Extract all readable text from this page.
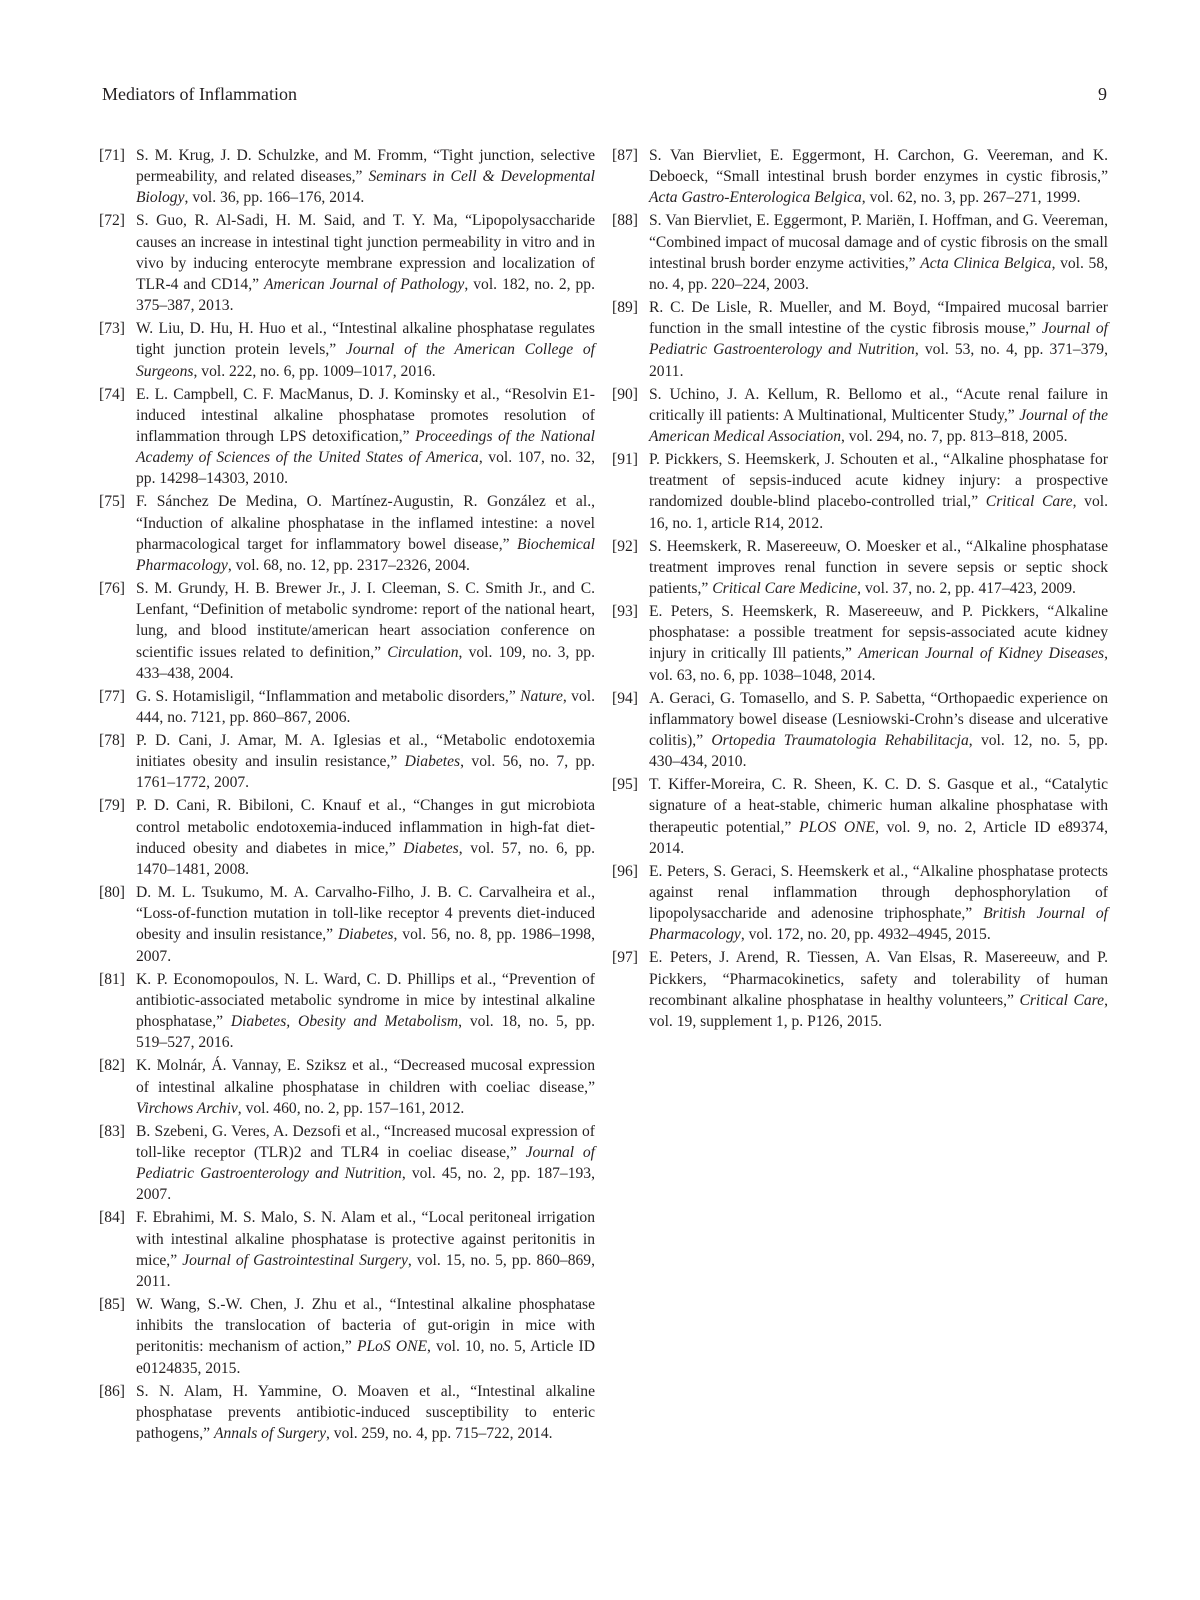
Mediators of Inflammation	9
[71] S. M. Krug, J. D. Schulzke, and M. Fromm, “Tight junction, selective permeability, and related diseases,” Seminars in Cell & Developmental Biology, vol. 36, pp. 166–176, 2014.
[72] S. Guo, R. Al-Sadi, H. M. Said, and T. Y. Ma, “Lipopolysaccharide causes an increase in intestinal tight junction permeability in vitro and in vivo by inducing enterocyte membrane expression and localization of TLR-4 and CD14,” American Journal of Pathology, vol. 182, no. 2, pp. 375–387, 2013.
[73] W. Liu, D. Hu, H. Huo et al., “Intestinal alkaline phosphatase regulates tight junction protein levels,” Journal of the American College of Surgeons, vol. 222, no. 6, pp. 1009–1017, 2016.
[74] E. L. Campbell, C. F. MacManus, D. J. Kominsky et al., “Resolvin E1-induced intestinal alkaline phosphatase promotes resolution of inflammation through LPS detoxification,” Proceedings of the National Academy of Sciences of the United States of America, vol. 107, no. 32, pp. 14298–14303, 2010.
[75] F. Sánchez De Medina, O. Martínez-Augustin, R. González et al., “Induction of alkaline phosphatase in the inflamed intestine: a novel pharmacological target for inflammatory bowel disease,” Biochemical Pharmacology, vol. 68, no. 12, pp. 2317–2326, 2004.
[76] S. M. Grundy, H. B. Brewer Jr., J. I. Cleeman, S. C. Smith Jr., and C. Lenfant, “Definition of metabolic syndrome: report of the national heart, lung, and blood institute/american heart association conference on scientific issues related to definition,” Circulation, vol. 109, no. 3, pp. 433–438, 2004.
[77] G. S. Hotamisligil, “Inflammation and metabolic disorders,” Nature, vol. 444, no. 7121, pp. 860–867, 2006.
[78] P. D. Cani, J. Amar, M. A. Iglesias et al., “Metabolic endotoxemia initiates obesity and insulin resistance,” Diabetes, vol. 56, no. 7, pp. 1761–1772, 2007.
[79] P. D. Cani, R. Bibiloni, C. Knauf et al., “Changes in gut microbiota control metabolic endotoxemia-induced inflammation in high-fat diet-induced obesity and diabetes in mice,” Diabetes, vol. 57, no. 6, pp. 1470–1481, 2008.
[80] D. M. L. Tsukumo, M. A. Carvalho-Filho, J. B. C. Carvalheira et al., “Loss-of-function mutation in toll-like receptor 4 prevents diet-induced obesity and insulin resistance,” Diabetes, vol. 56, no. 8, pp. 1986–1998, 2007.
[81] K. P. Economopoulos, N. L. Ward, C. D. Phillips et al., “Prevention of antibiotic-associated metabolic syndrome in mice by intestinal alkaline phosphatase,” Diabetes, Obesity and Metabolism, vol. 18, no. 5, pp. 519–527, 2016.
[82] K. Molnár, Á. Vannay, E. Sziksz et al., “Decreased mucosal expression of intestinal alkaline phosphatase in children with coeliac disease,” Virchows Archiv, vol. 460, no. 2, pp. 157–161, 2012.
[83] B. Szebeni, G. Veres, A. Dezsofi et al., “Increased mucosal expression of toll-like receptor (TLR)2 and TLR4 in coeliac disease,” Journal of Pediatric Gastroenterology and Nutrition, vol. 45, no. 2, pp. 187–193, 2007.
[84] F. Ebrahimi, M. S. Malo, S. N. Alam et al., “Local peritoneal irrigation with intestinal alkaline phosphatase is protective against peritonitis in mice,” Journal of Gastrointestinal Surgery, vol. 15, no. 5, pp. 860–869, 2011.
[85] W. Wang, S.-W. Chen, J. Zhu et al., “Intestinal alkaline phosphatase inhibits the translocation of bacteria of gut-origin in mice with peritonitis: mechanism of action,” PLoS ONE, vol. 10, no. 5, Article ID e0124835, 2015.
[86] S. N. Alam, H. Yammine, O. Moaven et al., “Intestinal alkaline phosphatase prevents antibiotic-induced susceptibility to enteric pathogens,” Annals of Surgery, vol. 259, no. 4, pp. 715–722, 2014.
[87] S. Van Biervliet, E. Eggermont, H. Carchon, G. Veereman, and K. Deboeck, “Small intestinal brush border enzymes in cystic fibrosis,” Acta Gastro-Enterologica Belgica, vol. 62, no. 3, pp. 267–271, 1999.
[88] S. Van Biervliet, E. Eggermont, P. Mariën, I. Hoffman, and G. Veereman, “Combined impact of mucosal damage and of cystic fibrosis on the small intestinal brush border enzyme activities,” Acta Clinica Belgica, vol. 58, no. 4, pp. 220–224, 2003.
[89] R. C. De Lisle, R. Mueller, and M. Boyd, “Impaired mucosal barrier function in the small intestine of the cystic fibrosis mouse,” Journal of Pediatric Gastroenterology and Nutrition, vol. 53, no. 4, pp. 371–379, 2011.
[90] S. Uchino, J. A. Kellum, R. Bellomo et al., “Acute renal failure in critically ill patients: A Multinational, Multicenter Study,” Journal of the American Medical Association, vol. 294, no. 7, pp. 813–818, 2005.
[91] P. Pickkers, S. Heemskerk, J. Schouten et al., “Alkaline phosphatase for treatment of sepsis-induced acute kidney injury: a prospective randomized double-blind placebo-controlled trial,” Critical Care, vol. 16, no. 1, article R14, 2012.
[92] S. Heemskerk, R. Masereeuw, O. Moesker et al., “Alkaline phosphatase treatment improves renal function in severe sepsis or septic shock patients,” Critical Care Medicine, vol. 37, no. 2, pp. 417–423, 2009.
[93] E. Peters, S. Heemskerk, R. Masereeuw, and P. Pickkers, “Alkaline phosphatase: a possible treatment for sepsis-associated acute kidney injury in critically Ill patients,” American Journal of Kidney Diseases, vol. 63, no. 6, pp. 1038–1048, 2014.
[94] A. Geraci, G. Tomasello, and S. P. Sabetta, “Orthopaedic experience on inflammatory bowel disease (Lesniowski-Crohn’s disease and ulcerative colitis),” Ortopedia Traumatologia Rehabilitacja, vol. 12, no. 5, pp. 430–434, 2010.
[95] T. Kiffer-Moreira, C. R. Sheen, K. C. D. S. Gasque et al., “Catalytic signature of a heat-stable, chimeric human alkaline phosphatase with therapeutic potential,” PLOS ONE, vol. 9, no. 2, Article ID e89374, 2014.
[96] E. Peters, S. Geraci, S. Heemskerk et al., “Alkaline phosphatase protects against renal inflammation through dephosphorylation of lipopolysaccharide and adenosine triphosphate,” British Journal of Pharmacology, vol. 172, no. 20, pp. 4932–4945, 2015.
[97] E. Peters, J. Arend, R. Tiessen, A. Van Elsas, R. Masereeuw, and P. Pickkers, “Pharmacokinetics, safety and tolerability of human recombinant alkaline phosphatase in healthy volunteers,” Critical Care, vol. 19, supplement 1, p. P126, 2015.
